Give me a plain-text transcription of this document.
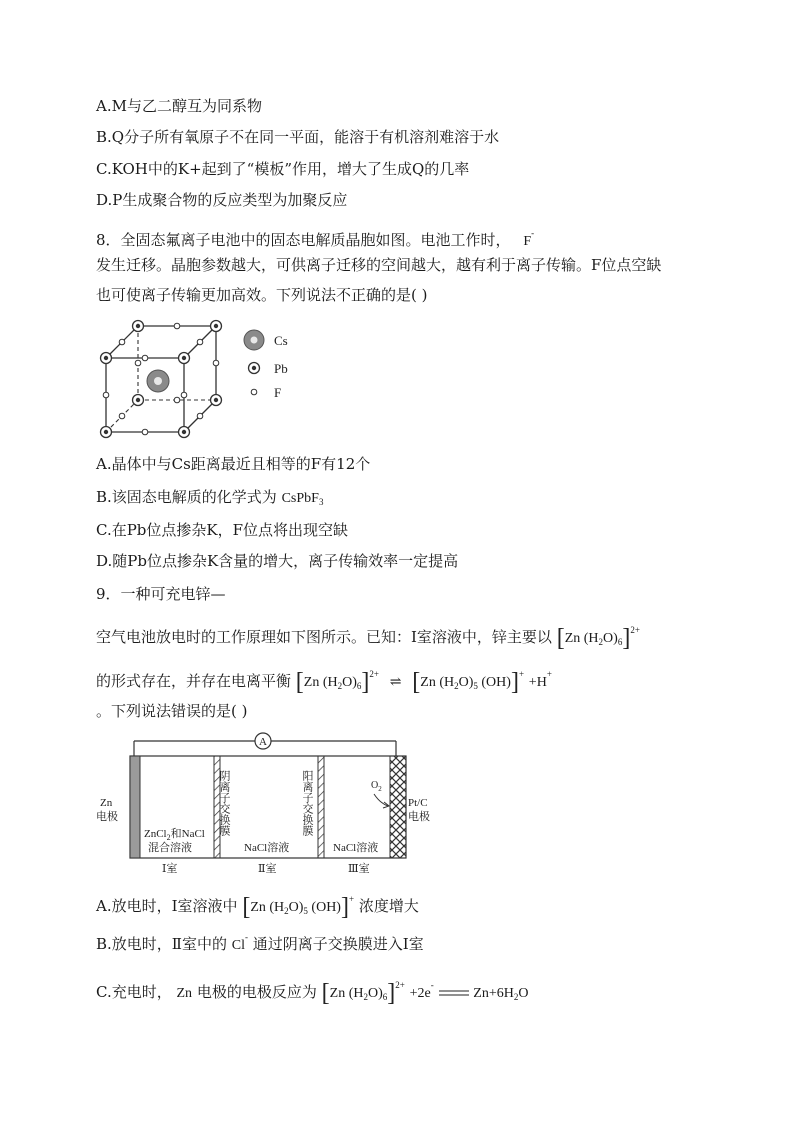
A.M与乙二醇互为同系物
B.Q分子所有氧原子不在同一平面，能溶于有机溶剂难溶于水
C.KOH中的K+起到了“模板”作用，增大了生成Q的几率
D.P生成聚合物的反应类型为加聚反应
8．全固态氟离子电池中的固态电解质晶胞如图。电池工作时， F-
发生迁移。晶胞参数越大，可供离子迁移的空间越大，越有利于离子传输。F位点空缺
也可使离子传输更加高效。下列说法不正确的是( )
Cs
Pb
F
A.晶体中与Cs距离最近且相等的F有12个
B.该固态电解质的化学式为 CsPbF$_3$
C.在Pb位点掺杂K，F位点将出现空缺
D.随Pb位点掺杂K含量的增大，离子传输效率一定提高
9．一种可充电锌—
空气电池放电时的工作原理如下图所示。已知：Ⅰ室溶液中，锌主要以 [Zn $(H_2O)_6]^{2+}$
的形式存在，并存在电离平衡 [Zn $(H_2O)_6]^{2+}$ ⇌ [Zn $(H_2O)_5$ (OH)]+ +H+
。下列说法错误的是( )
A
Zn
电极
ZnCl$_2$和NaCl
混合溶液
Ⅰ室
阴离子交换膜
NaCl溶液
Ⅱ室
阳离子交换膜	$O_2$
NaCl溶液
Ⅲ室
Pt/C
电极
A.放电时，Ⅰ室溶液中 [Zn $(H_2O)_5$ (OH)]+ 浓度增大
B.放电时，Ⅱ室中的 Cl- 通过阴离子交换膜进入Ⅰ室
C.充电时， Zn 电极的电极反应为 [Zn $(H_2O)_6]^{2+} +2e^-$  $Zn+6H_2O$
